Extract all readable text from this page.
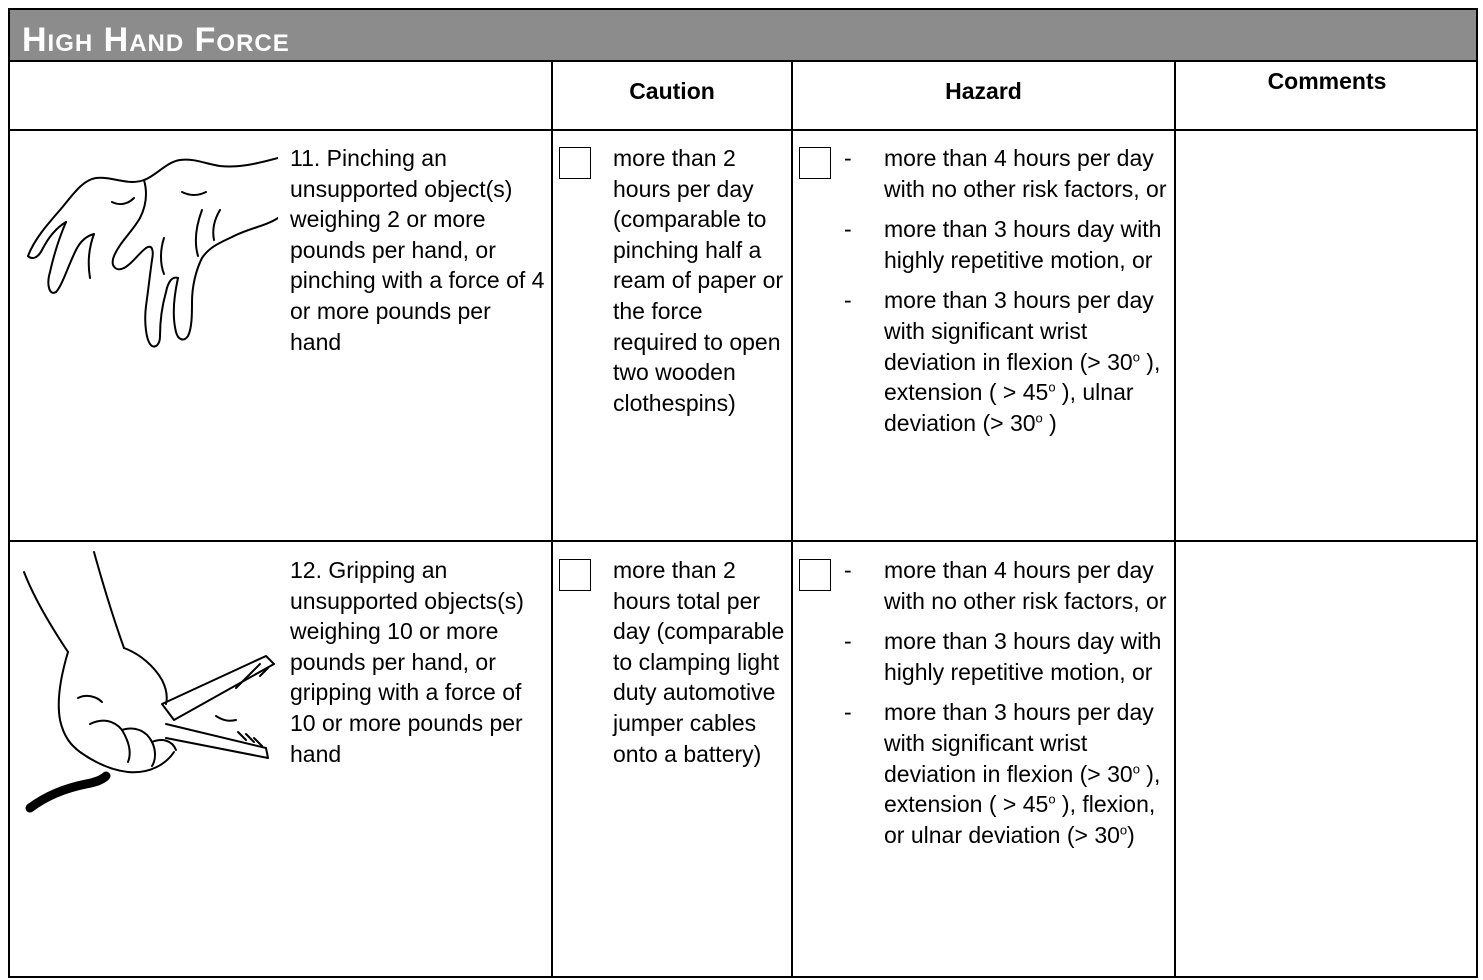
High Hand Force
Caution	Hazard	Comments
11. Pinching an unsupported object(s) weighing 2 or more pounds per hand, or pinching with a force of 4 or more pounds per hand
more than 2 hours per day (comparable to pinching half a ream of paper or the force required to open two wooden clothespins)
- more than 4 hours per day with no other risk factors, or
- more than 3 hours day with highly repetitive motion, or
- more than 3 hours per day with significant wrist deviation in flexion (> $30^o$ ), extension ( > $45^o$ ), ulnar deviation (> $30^o$ )
12. Gripping an unsupported objects(s) weighing 10 or more pounds per hand, or gripping with a force of 10 or more pounds per hand
more than 2 hours total per day (comparable to clamping light duty automotive jumper cables onto a battery)
- more than 4 hours per day with no other risk factors, or
- more than 3 hours day with highly repetitive motion, or
- more than 3 hours per day with significant wrist deviation in flexion (> $30^o$ ), extension ( > $45^o$ ), flexion, or ulnar deviation (> $30^o$)
